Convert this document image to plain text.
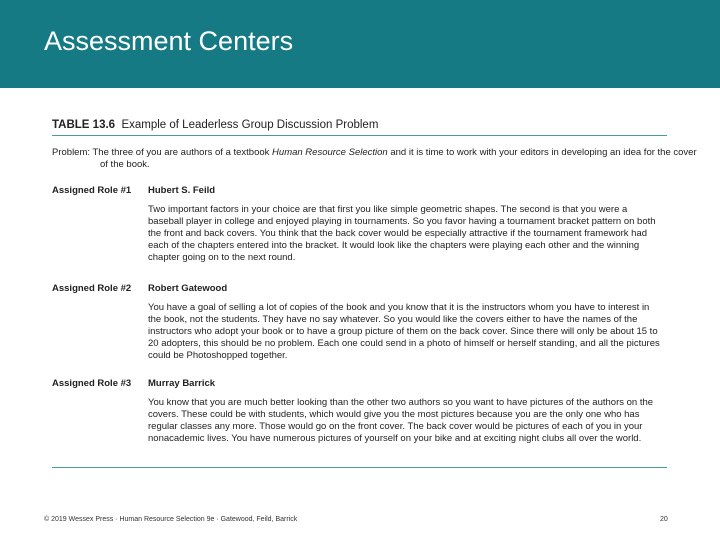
Assessment Centers
TABLE 13.6 Example of Leaderless Group Discussion Problem
Problem: The three of you are authors of a textbook Human Resource Selection and it is time to work with your editors in developing an idea for the cover of the book.
Assigned Role #1 Hubert S. Feild
Two important factors in your choice are that first you like simple geometric shapes. The second is that you were a baseball player in college and enjoyed playing in tournaments. So you favor having a tournament bracket pattern on both the front and back covers. You think that the back cover would be especially attractive if the tournament framework had each of the chapters entered into the bracket. It would look like the chapters were playing each other and the winning chapter going on to the next round.
Assigned Role #2 Robert Gatewood
You have a goal of selling a lot of copies of the book and you know that it is the instructors whom you have to interest in the book, not the students. They have no say whatever. So you would like the covers either to have the names of the instructors who adopt your book or to have a group picture of them on the back cover. Since there will only be about 15 to 20 adopters, this should be no problem. Each one could send in a photo of himself or herself standing, and all the pictures could be Photoshopped together.
Assigned Role #3 Murray Barrick
You know that you are much better looking than the other two authors so you want to have pictures of the authors on the covers. These could be with students, which would give you the most pictures because you are the only one who has regular classes any more. Those would go on the front cover. The back cover would be pictures of each of you in your nonacademic lives. You have numerous pictures of yourself on your bike and at exciting night clubs all over the world.
© 2019 Wessex Press · Human Resource Selection 9e · Gatewood, Feild, Barrick	20
